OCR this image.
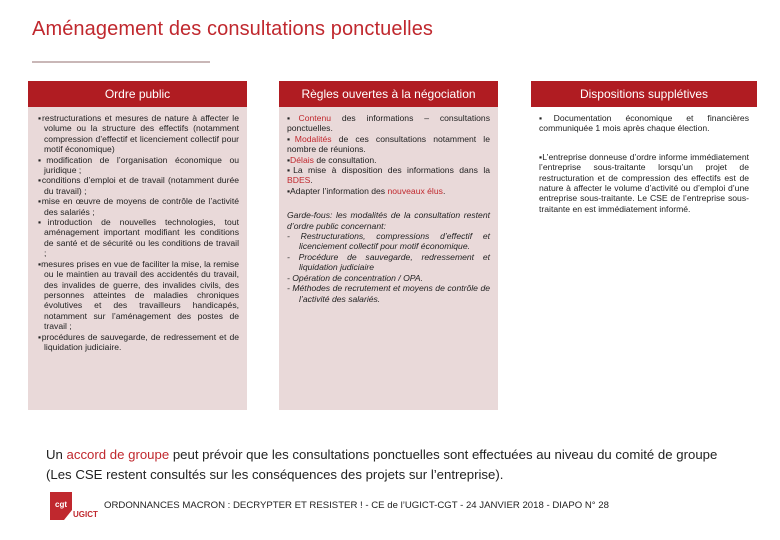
Aménagement des consultations ponctuelles
Ordre public
▪ restructurations et mesures de nature à affecter le volume ou la structure des effectifs (notamment compression d’effectif et licenciement collectif pour motif économique)
▪ modification de l’organisation économique ou juridique ;
▪ conditions d’emploi et de travail (notamment durée du travail) ;
▪ mise en œuvre de moyens de contrôle de l’activité des salariés ;
▪ introduction de nouvelles technologies, tout aménagement important modifiant les conditions de santé et de sécurité ou les conditions de travail ;
▪ mesures prises en vue de faciliter la mise, la remise ou le maintien au travail des accidentés du travail, des invalides de guerre, des invalides civils, des personnes atteintes de maladies chroniques évolutives et des travailleurs handicapés, notamment sur l’aménagement des postes de travail ;
▪ procédures de sauvegarde, de redressement et de liquidation judiciaire.
Règles ouvertes à la négociation
▪ Contenu des informations – consultations ponctuelles.
▪ Modalités de ces consultations notamment le nombre de réunions.
▪ Délais de consultation.
▪ La mise à disposition des informations dans la BDES.
▪ Adapter l’information des nouveaux élus.
Garde-fous: les modalités de la consultation restent d’ordre public concernant:
- Restructurations, compressions d’effectif et licenciement collectif pour motif économique.
- Procédure de sauvegarde, redressement et liquidation judiciaire
- Opération de concentration / OPA.
- Méthodes de recrutement et moyens de contrôle de l’activité des salariés.
Dispositions supplétives
▪ Documentation économique et financières communiquée 1 mois après chaque élection.
▪ L’entreprise donneuse d’ordre informe immédiatement l’entreprise sous-traitante lorsqu’un projet de restructuration et de compression des effectifs est de nature à affecter le volume d’activité ou d’emploi d’une entreprise sous-traitante. Le CSE de l’entreprise sous-traitante en est immédiatement informé.
Un accord de groupe peut prévoir que les consultations ponctuelles sont effectuées au niveau du comité de groupe (Les CSE restent consultés sur les conséquences des projets sur l’entreprise).
cgt
UGICT
ORDONNANCES MACRON : DECRYPTER ET RESISTER ! - CE de l’UGICT-CGT - 24 JANVIER 2018 - DIAPO N° 28
